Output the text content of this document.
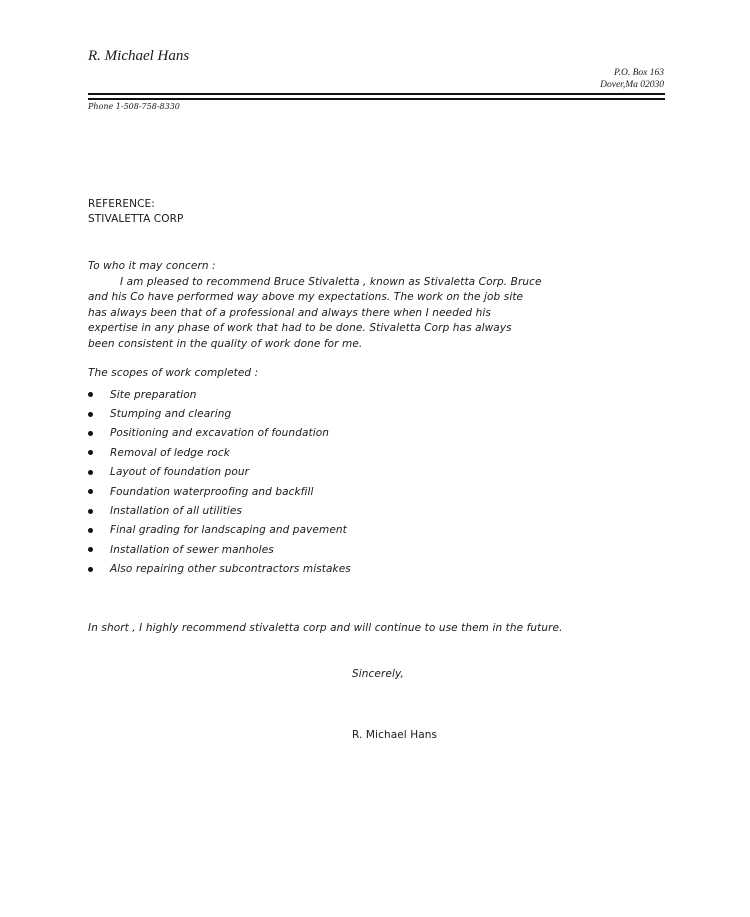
R. Michael Hans
P.O. Box 163
Dover,Ma 02030
Phone 1-508-758-8330
REFERENCE:
STIVALETTA CORP
To who it may concern :

I am pleased to recommend Bruce Stivaletta , known as Stivaletta Corp. Bruce

and his Co have performed way above my expectations. The work on the job site

has always been that of a professional and always there when I needed his

expertise in any phase of work that had to be done. Stivaletta Corp has always

been consistent in the quality of work done for me.

The scopes of work completed :
Site preparation
Stumping and clearing
Positioning and excavation of foundation
Removal of ledge rock
Layout of foundation pour
Foundation waterproofing and backfill
Installation of all utilities
Final grading for landscaping and pavement
Installation of sewer manholes
Also repairing other subcontractors mistakes
In short , I highly recommend stivaletta corp and will continue to use them in the future.
Sincerely,
R. Michael Hans
